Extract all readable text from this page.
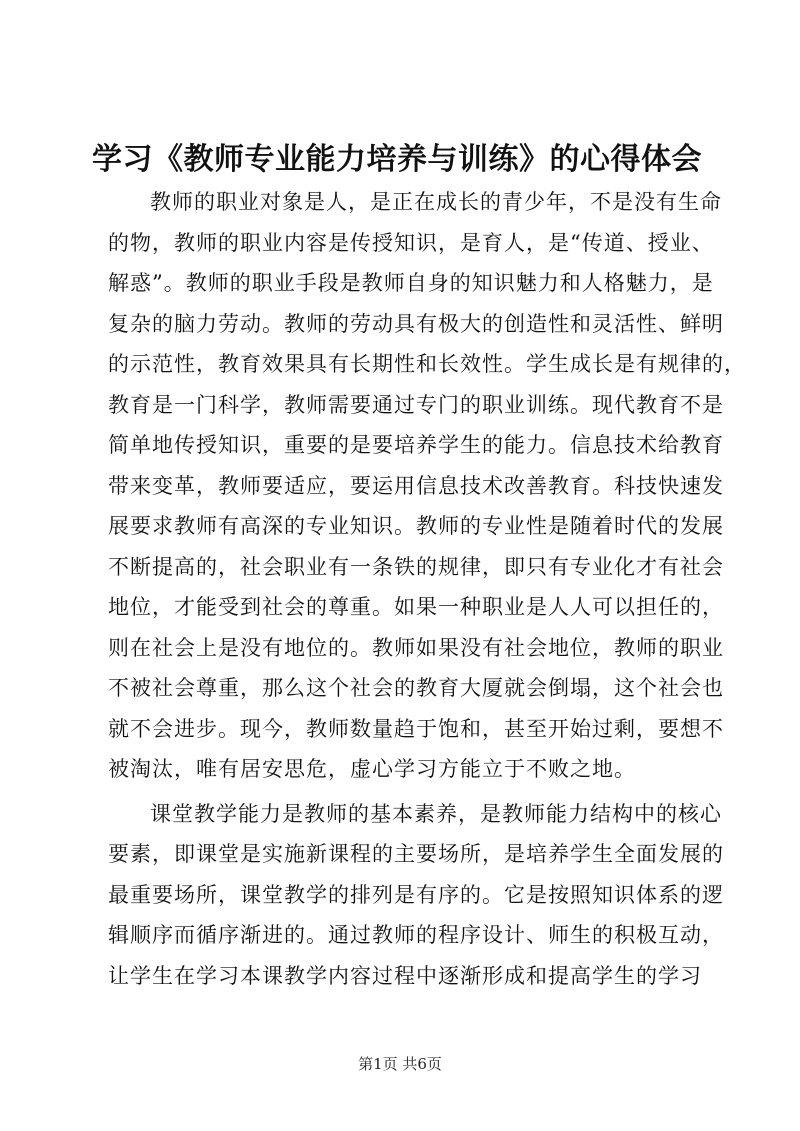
学习《教师专业能力培养与训练》的心得体会
教师的职业对象是人，是正在成长的青少年，不是没有生命
的物，教师的职业内容是传授知识，是育人，是“传道、授业、
解惑”。教师的职业手段是教师自身的知识魅力和人格魅力，是
复杂的脑力劳动。教师的劳动具有极大的创造性和灵活性、鲜明
的示范性，教育效果具有长期性和长效性。学生成长是有规律的，
教育是一门科学，教师需要通过专门的职业训练。现代教育不是
简单地传授知识，重要的是要培养学生的能力。信息技术给教育
带来变革，教师要适应，要运用信息技术改善教育。科技快速发
展要求教师有高深的专业知识。教师的专业性是随着时代的发展
不断提高的，社会职业有一条铁的规律，即只有专业化才有社会
地位，才能受到社会的尊重。如果一种职业是人人可以担任的，
则在社会上是没有地位的。教师如果没有社会地位，教师的职业
不被社会尊重，那么这个社会的教育大厦就会倒塌，这个社会也
就不会进步。现今，教师数量趋于饱和，甚至开始过剩，要想不
被淘汰，唯有居安思危，虚心学习方能立于不败之地。
课堂教学能力是教师的基本素养，是教师能力结构中的核心
要素，即课堂是实施新课程的主要场所，是培养学生全面发展的
最重要场所，课堂教学的排列是有序的。它是按照知识体系的逻
辑顺序而循序渐进的。通过教师的程序设计、师生的积极互动，
让学生在学习本课教学内容过程中逐渐形成和提高学生的学习
第1页 共6页
